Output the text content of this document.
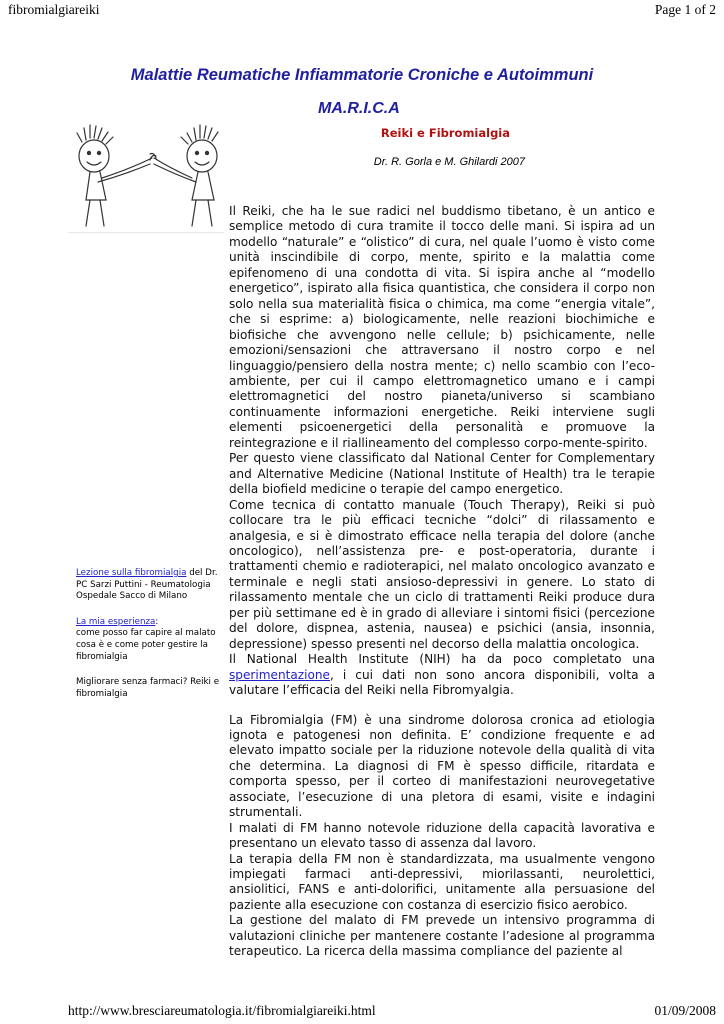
fibromialgiareiki	Page 1 of 2
Malattie Reumatiche Infiammatorie Croniche e Autoimmuni
MA.R.I.C.A
Reiki e Fibromialgia
Dr. R. Gorla e M. Ghilardi 2007
Lezione sulla fibromialgia del Dr. PC Sarzi Puttini - Reumatologia Ospedale Sacco di Milano
La mia esperienza:
come posso far capire al malato cosa è e come poter gestire la fibromialgia
Migliorare senza farmaci? Reiki e fibromialgia

Il Reiki, che ha le sue radici nel buddismo tibetano, è un antico e semplice metodo di cura tramite il tocco delle mani. Si ispira ad un modello “naturale” e “olistico” di cura, nel quale l’uomo è visto come unità inscindibile di corpo, mente, spirito e la malattia come epifenomeno di una condotta di vita. Si ispira anche al “modello energetico”, ispirato alla fisica quantistica, che considera il corpo non solo nella sua materialità fisica o chimica, ma come “energia vitale”, che si esprime: a) biologicamente, nelle reazioni biochimiche e biofisiche che avvengono nelle cellule; b) psichicamente, nelle emozioni/sensazioni che attraversano il nostro corpo e nel linguaggio/pensiero della nostra mente; c) nello scambio con l’eco-ambiente, per cui il campo elettromagnetico umano e i campi elettromagnetici del nostro pianeta/universo si scambiano continuamente informazioni energetiche. Reiki interviene sugli elementi psicoenergetici della personalità e promuove la reintegrazione e il riallineamento del complesso corpo-mente-spirito.

Per questo viene classificato dal National Center for Complementary and Alternative Medicine (National Institute of Health) tra le terapie della biofield medicine o terapie del campo energetico.

Come tecnica di contatto manuale (Touch Therapy), Reiki si può collocare tra le più efficaci tecniche “dolci” di rilassamento e analgesia, e si è dimostrato efficace nella terapia del dolore (anche oncologico), nell’assistenza pre- e post-operatoria, durante i trattamenti chemio e radioterapici, nel malato oncologico avanzato e terminale e negli stati ansioso-depressivi in genere. Lo stato di rilassamento mentale che un ciclo di trattamenti Reiki produce dura per più settimane ed è in grado di alleviare i sintomi fisici (percezione del dolore, dispnea, astenia, nausea) e psichici (ansia, insonnia, depressione) spesso presenti nel decorso della malattia oncologica.

Il National Health Institute (NIH) ha da poco completato una sperimentazione, i cui dati non sono ancora disponibili, volta a valutare l’efficacia del Reiki nella Fibromyalgia.

La Fibromialgia (FM) è una sindrome dolorosa cronica ad etiologia ignota e patogenesi non definita. E’ condizione frequente e ad elevato impatto sociale per la riduzione notevole della qualità di vita che determina. La diagnosi di FM è spesso difficile, ritardata e comporta spesso, per il corteo di manifestazioni neurovegetative associate, l’esecuzione di una pletora di esami, visite e indagini strumentali.

I malati di FM hanno notevole riduzione della capacità lavorativa e presentano un elevato tasso di assenza dal lavoro.

La terapia della FM non è standardizzata, ma usualmente vengono impiegati farmaci anti-depressivi, miorilassanti, neurolettici, ansiolitici, FANS e anti-dolorifici, unitamente alla persuasione del paziente alla esecuzione con costanza di esercizio fisico aerobico.

La gestione del malato di FM prevede un intensivo programma di valutazioni cliniche per mantenere costante l’adesione al programma terapeutico. La ricerca della massima compliance del paziente al

http://www.bresciareumatologia.it/fibromialgiareiki.html	01/09/2008
